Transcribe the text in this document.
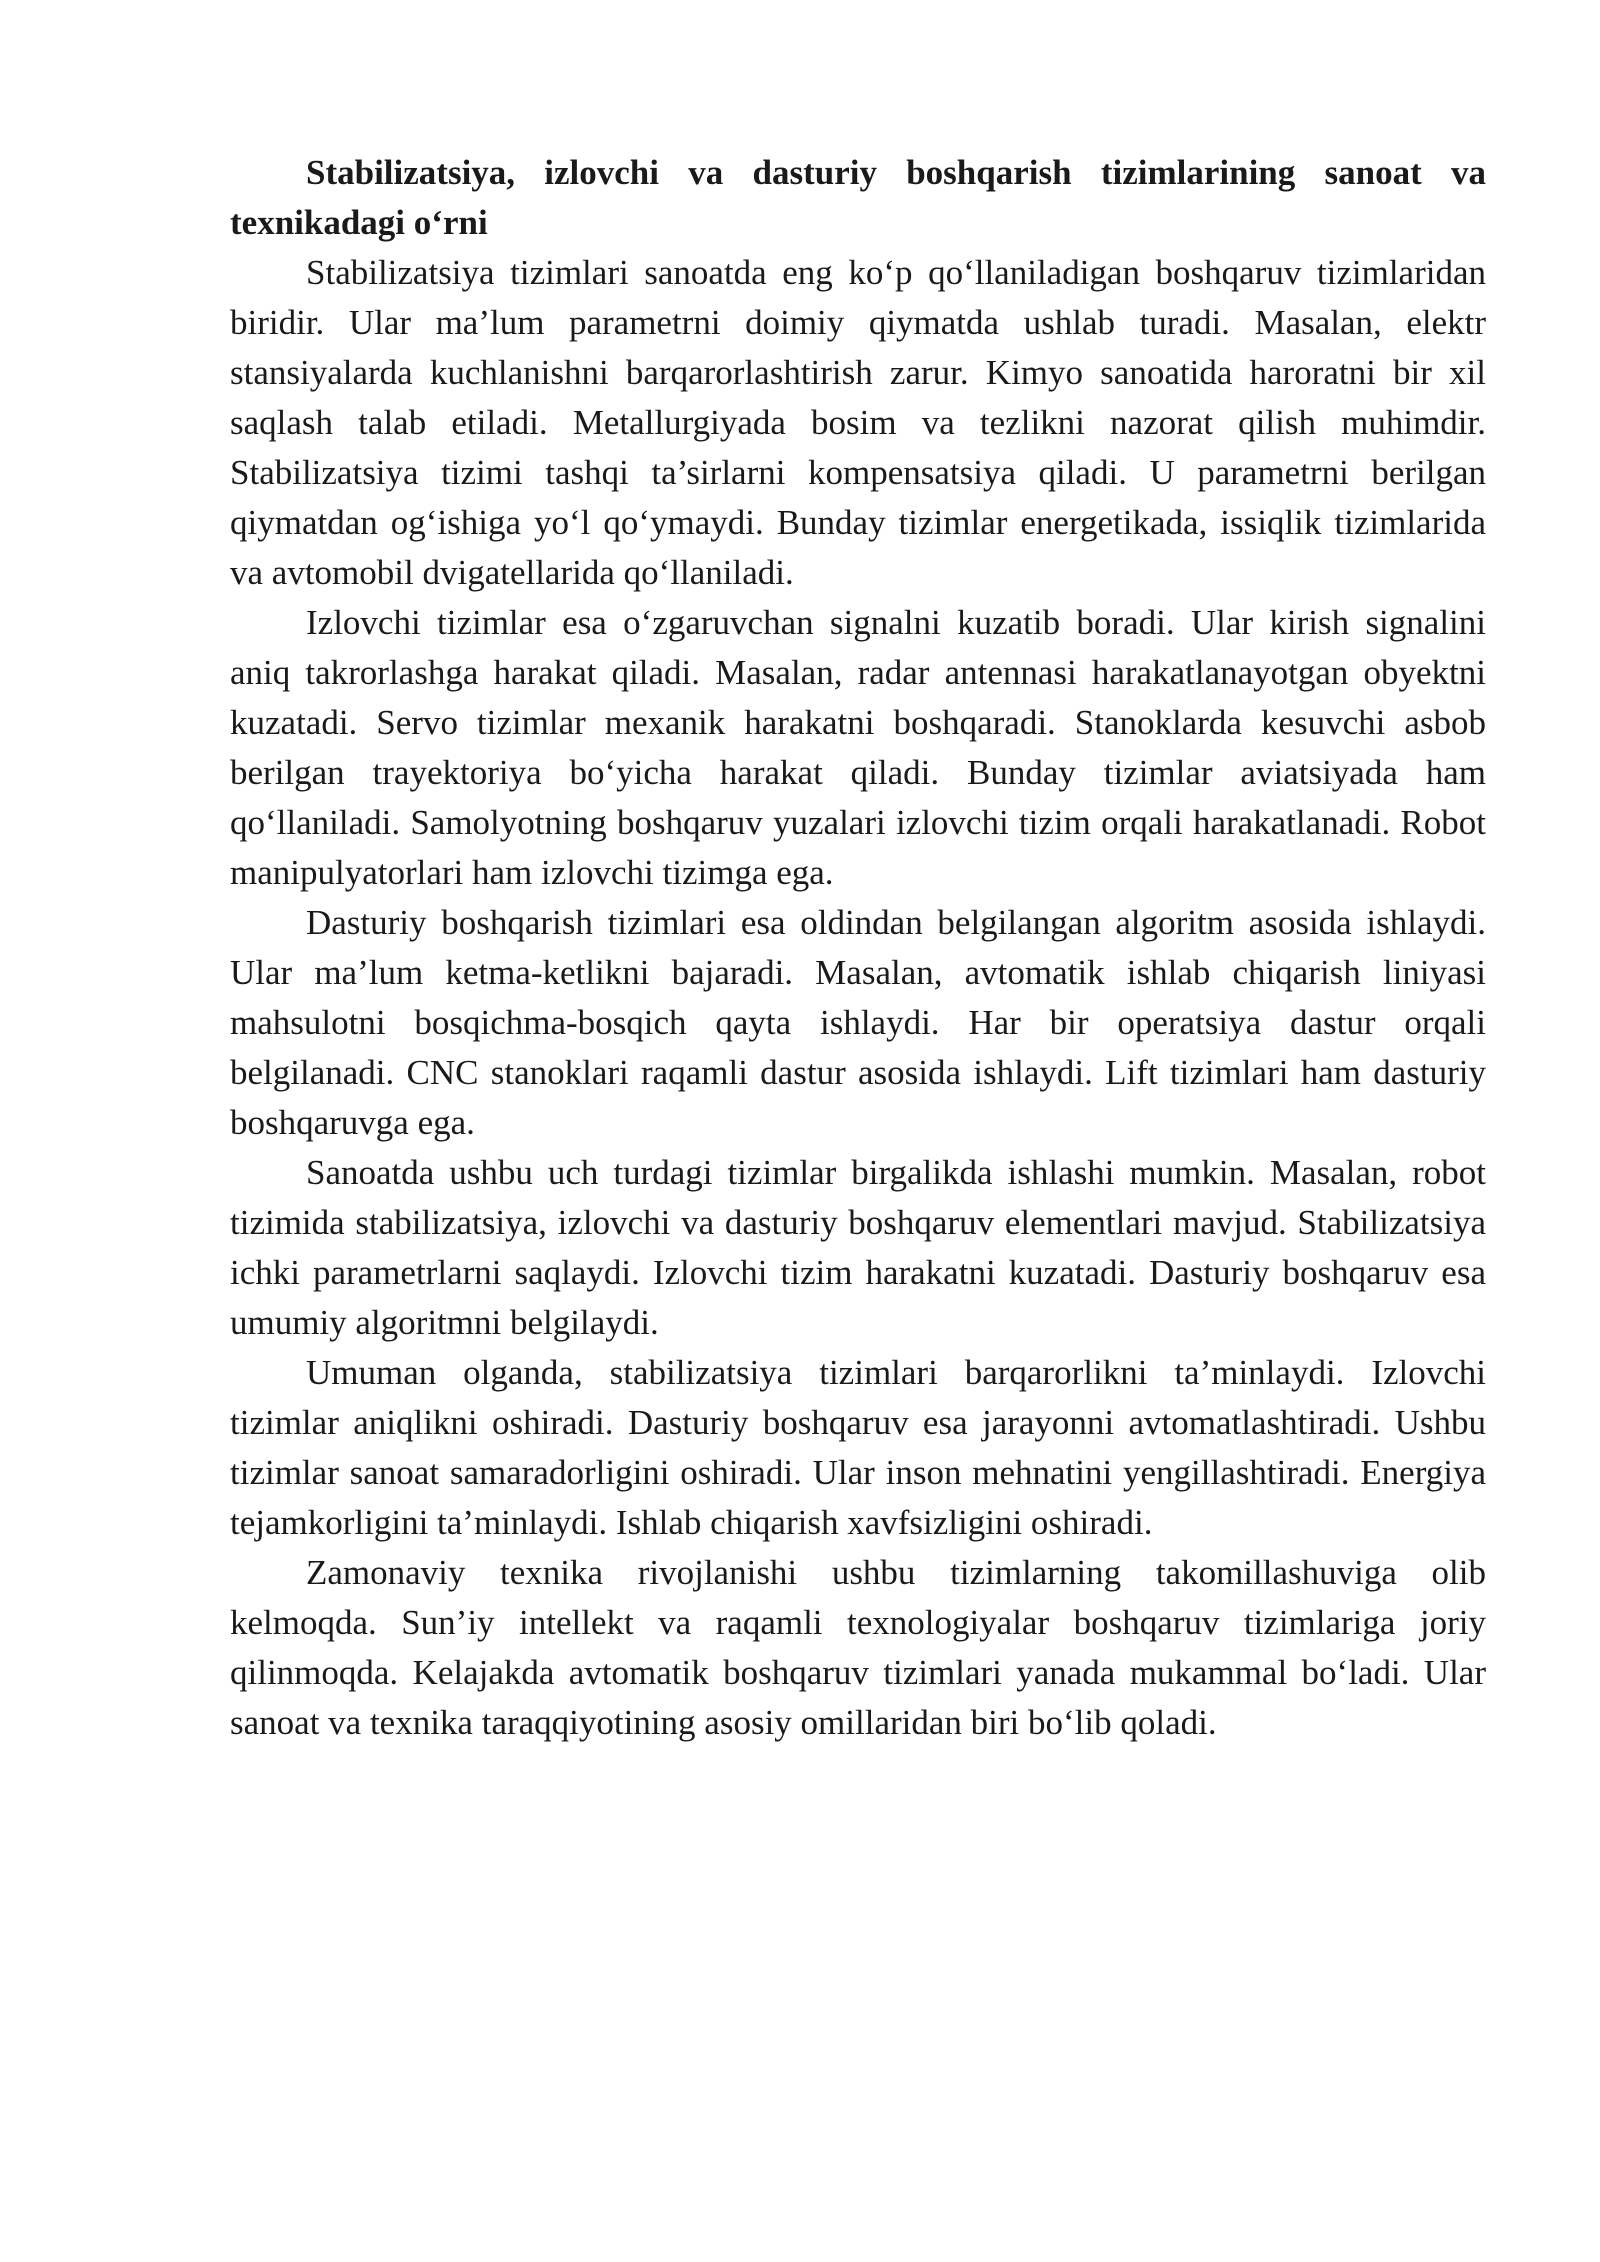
Stabilizatsiya, izlovchi va dasturiy boshqarish tizimlarining sanoat va texnikadagi o‘rni

Stabilizatsiya tizimlari sanoatda eng ko‘p qo‘llaniladigan boshqaruv tizimlaridan biridir. Ular ma’lum parametrni doimiy qiymatda ushlab turadi. Masalan, elektr stansiyalarda kuchlanishni barqarorlashtirish zarur. Kimyo sanoatida haroratni bir xil saqlash talab etiladi. Metallurgiyada bosim va tezlikni nazorat qilish muhimdir. Stabilizatsiya tizimi tashqi ta’sirlarni kompensatsiya qiladi. U parametrni berilgan qiymatdan og‘ishiga yo‘l qo‘ymaydi. Bunday tizimlar energetikada, issiqlik tizimlarida va avtomobil dvigatellarida qo‘llaniladi.

Izlovchi tizimlar esa o‘zgaruvchan signalni kuzatib boradi. Ular kirish signalini aniq takrorlashga harakat qiladi. Masalan, radar antennasi harakatlanayotgan obyektni kuzatadi. Servo tizimlar mexanik harakatni boshqaradi. Stanoklarda kesuvchi asbob berilgan trayektoriya bo‘yicha harakat qiladi. Bunday tizimlar aviatsiyada ham qo‘llaniladi. Samolyotning boshqaruv yuzalari izlovchi tizim orqali harakatlanadi. Robot manipulyatorlari ham izlovchi tizimga ega.

Dasturiy boshqarish tizimlari esa oldindan belgilangan algoritm asosida ishlaydi. Ular ma’lum ketma-ketlikni bajaradi. Masalan, avtomatik ishlab chiqarish liniyasi mahsulotni bosqichma-bosqich qayta ishlaydi. Har bir operatsiya dastur orqali belgilanadi. CNC stanoklari raqamli dastur asosida ishlaydi. Lift tizimlari ham dasturiy boshqaruvga ega.

Sanoatda ushbu uch turdagi tizimlar birgalikda ishlashi mumkin. Masalan, robot tizimida stabilizatsiya, izlovchi va dasturiy boshqaruv elementlari mavjud. Stabilizatsiya ichki parametrlarni saqlaydi. Izlovchi tizim harakatni kuzatadi. Dasturiy boshqaruv esa umumiy algoritmni belgilaydi.

Umuman olganda, stabilizatsiya tizimlari barqarorlikni ta’minlaydi. Izlovchi tizimlar aniqlikni oshiradi. Dasturiy boshqaruv esa jarayonni avtomatlashtiradi. Ushbu tizimlar sanoat samaradorligini oshiradi. Ular inson mehnatini yengillashtiradi. Energiya tejamkorligini ta’minlaydi. Ishlab chiqarish xavfsizligini oshiradi.

Zamonaviy texnika rivojlanishi ushbu tizimlarning takomillashuviga olib kelmoqda. Sun’iy intellekt va raqamli texnologiyalar boshqaruv tizimlariga joriy qilinmoqda. Kelajakda avtomatik boshqaruv tizimlari yanada mukammal bo‘ladi. Ular sanoat va texnika taraqqiyotining asosiy omillaridan biri bo‘lib qoladi.
